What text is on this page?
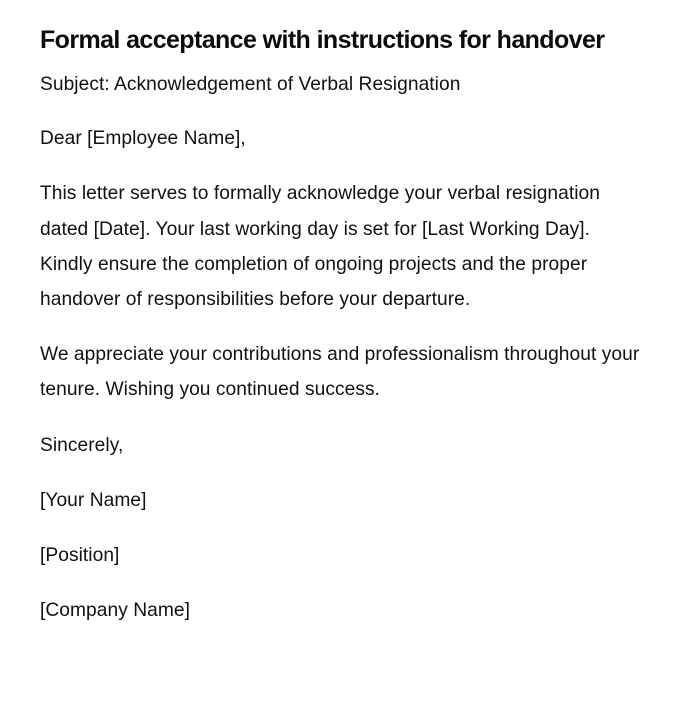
Formal acceptance with instructions for handover

Subject: Acknowledgement of Verbal Resignation

Dear [Employee Name],

This letter serves to formally acknowledge your verbal resignation dated [Date]. Your last working day is set for [Last Working Day]. Kindly ensure the completion of ongoing projects and the proper handover of responsibilities before your departure.

We appreciate your contributions and professionalism throughout your tenure. Wishing you continued success.

Sincerely,

[Your Name]

[Position]

[Company Name]
